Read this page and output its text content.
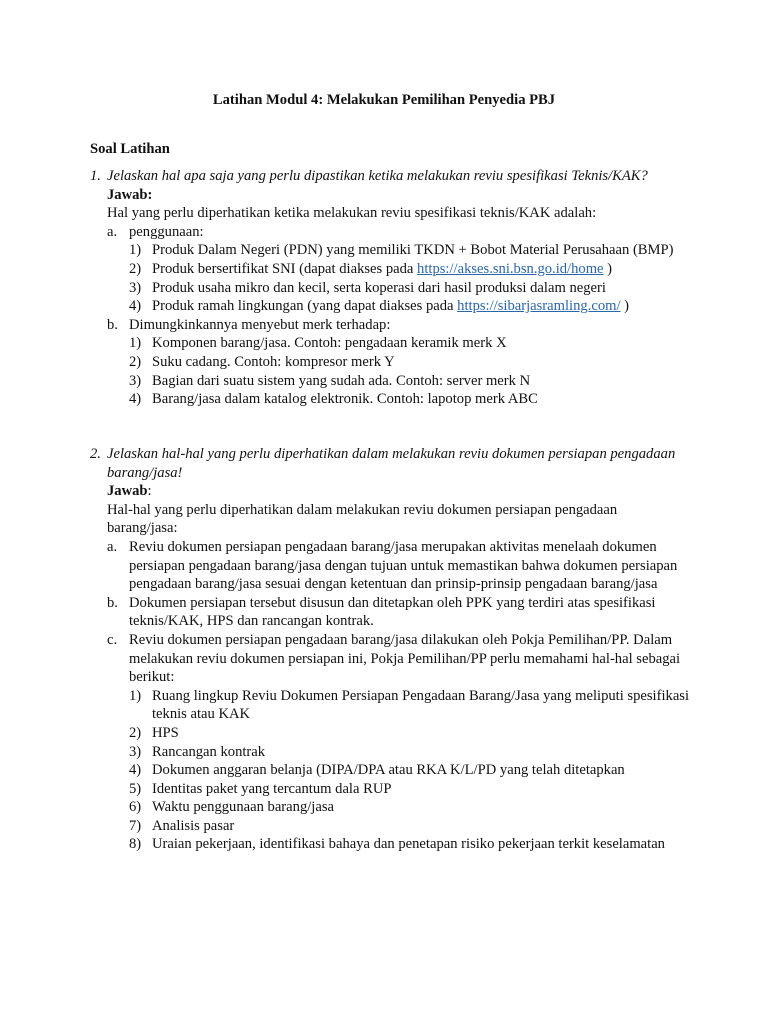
Latihan Modul 4: Melakukan Pemilihan Penyedia PBJ
Soal Latihan
1. Jelaskan hal apa saja yang perlu dipastikan ketika melakukan reviu spesifikasi Teknis/KAK?
Jawab:
Hal yang perlu diperhatikan ketika melakukan reviu spesifikasi teknis/KAK adalah:
a. penggunaan:
1) Produk Dalam Negeri (PDN) yang memiliki TKDN + Bobot Material Perusahaan (BMP)
2) Produk bersertifikat SNI (dapat diakses pada https://akses.sni.bsn.go.id/home )
3) Produk usaha mikro dan kecil, serta koperasi dari hasil produksi dalam negeri
4) Produk ramah lingkungan (yang dapat diakses pada https://sibarjasramling.com/ )
b. Dimungkinkannya menyebut merk terhadap:
1) Komponen barang/jasa. Contoh: pengadaan keramik merk X
2) Suku cadang. Contoh: kompresor merk Y
3) Bagian dari suatu sistem yang sudah ada. Contoh: server merk N
4) Barang/jasa dalam katalog elektronik. Contoh: lapotop merk ABC
2. Jelaskan hal-hal yang perlu diperhatikan dalam melakukan reviu dokumen persiapan pengadaan barang/jasa!
Jawab:
Hal-hal yang perlu diperhatikan dalam melakukan reviu dokumen persiapan pengadaan barang/jasa:
a. Reviu dokumen persiapan pengadaan barang/jasa merupakan aktivitas menelaah dokumen persiapan pengadaan barang/jasa dengan tujuan untuk memastikan bahwa dokumen persiapan pengadaan barang/jasa sesuai dengan ketentuan dan prinsip-prinsip pengadaan barang/jasa
b. Dokumen persiapan tersebut disusun dan ditetapkan oleh PPK yang terdiri atas spesifikasi teknis/KAK, HPS dan rancangan kontrak.
c. Reviu dokumen persiapan pengadaan barang/jasa dilakukan oleh Pokja Pemilihan/PP. Dalam melakukan reviu dokumen persiapan ini, Pokja Pemilihan/PP perlu memahami hal-hal sebagai berikut:
1) Ruang lingkup Reviu Dokumen Persiapan Pengadaan Barang/Jasa yang meliputi spesifikasi teknis atau KAK
2) HPS
3) Rancangan kontrak
4) Dokumen anggaran belanja (DIPA/DPA atau RKA K/L/PD yang telah ditetapkan
5) Identitas paket yang tercantum dala RUP
6) Waktu penggunaan barang/jasa
7) Analisis pasar
8) Uraian pekerjaan, identifikasi bahaya dan penetapan risiko pekerjaan terkit keselamatan
